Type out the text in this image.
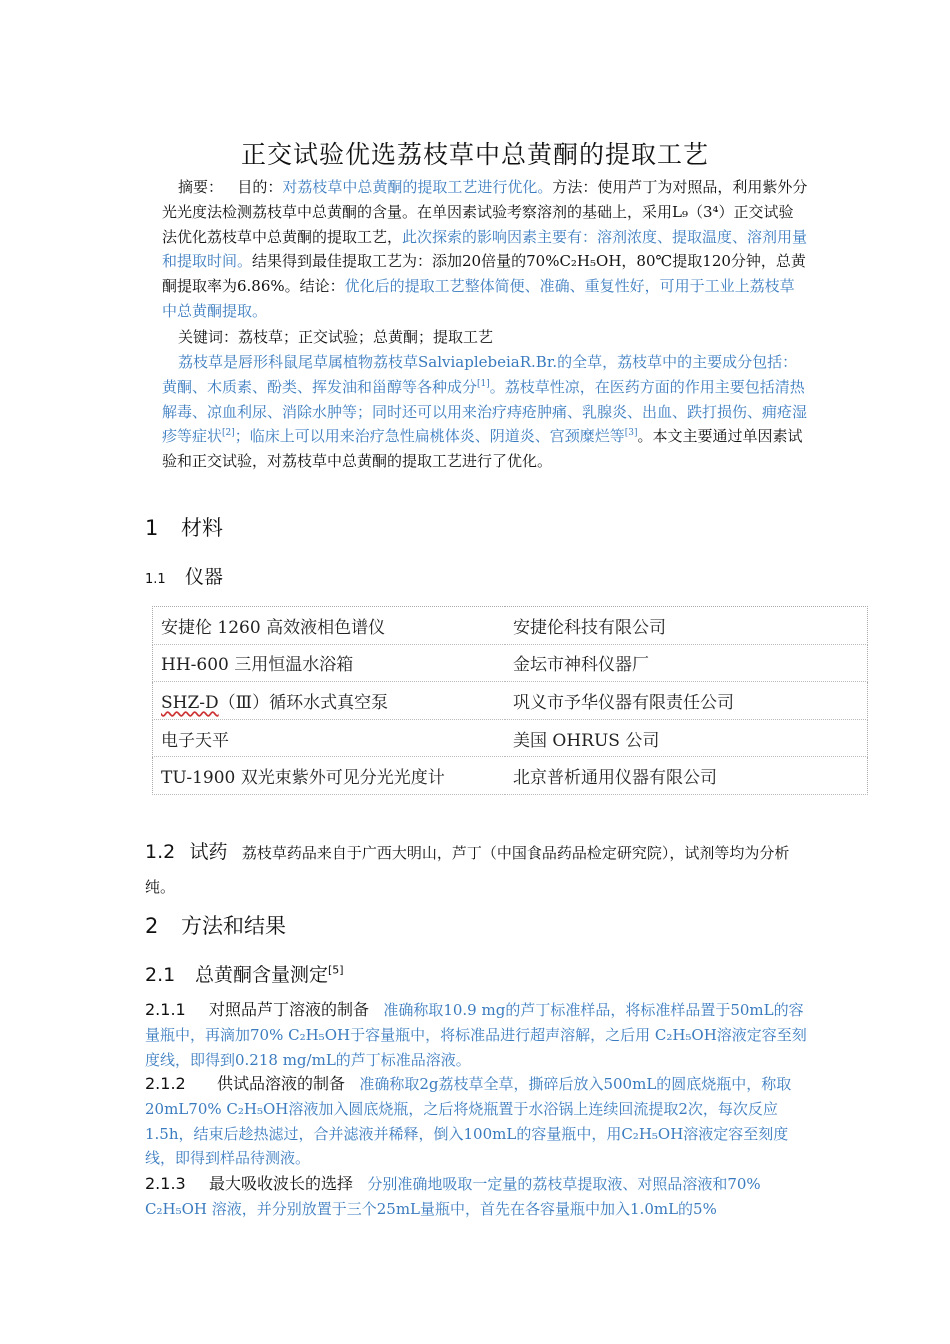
正交试验优选荔枝草中总黄酮的提取工艺
摘要： 目的：对荔枝草中总黄酮的提取工艺进行优化。方法：使用芦丁为对照品，利用紫外分光光度法检测荔枝草中总黄酮的含量。在单因素试验考察溶剂的基础上，采用L₉（3⁴）正交试验法优化荔枝草中总黄酮的提取工艺，此次探索的影响因素主要有：溶剂浓度、提取温度、溶剂用量和提取时间。结果得到最佳提取工艺为：添加20倍量的70%C₂H₅OH，80℃提取120分钟，总黄酮提取率为6.86%。结论：优化后的提取工艺整体简便、准确、重复性好，可用于工业上荔枝草中总黄酮提取。
关键词：荔枝草；正交试验；总黄酮；提取工艺
荔枝草是唇形科鼠尾草属植物荔枝草SalviaplebeiaR.Br.的全草，荔枝草中的主要成分包括：黄酮、木质素、酚类、挥发油和甾醇等各种成分[1]。荔枝草性凉，在医药方面的作用主要包括清热解毒、凉血利尿、消除水肿等；同时还可以用来治疗痔疮肿痛、乳腺炎、出血、跌打损伤、痈疮湿疹等症状[2]；临床上可以用来治疗急性扁桃体炎、阴道炎、宫颈糜烂等[3]。本文主要通过单因素试验和正交试验，对荔枝草中总黄酮的提取工艺进行了优化。
1 材料
1.1 仪器
安捷伦 1260 高效液相色谱仪	安捷伦科技有限公司
HH-600 三用恒温水浴箱	金坛市神科仪器厂
SHZ-D（Ⅲ）循环水式真空泵	巩义市予华仪器有限责任公司
电子天平	美国 OHRUS 公司
TU-1900 双光束紫外可见分光光度计	北京普析通用仪器有限公司
1.2 试药 荔枝草药品来自于广西大明山，芦丁（中国食品药品检定研究院），试剂等均为分析纯。
2 方法和结果
2.1 总黄酮含量测定[5]
2.1.1 对照品芦丁溶液的制备 准确称取10.9 mg的芦丁标准样品，将标准样品置于50mL的容量瓶中，再滴加70% C₂H₅OH于容量瓶中，将标准品进行超声溶解，之后用 C₂H₅OH溶液定容至刻度线，即得到0.218 mg/mL的芦丁标准品溶液。
2.1.2 供试品溶液的制备 准确称取2g荔枝草全草，撕碎后放入500mL的圆底烧瓶中，称取20mL70% C₂H₅OH溶液加入圆底烧瓶，之后将烧瓶置于水浴锅上连续回流提取2次，每次反应1.5h，结束后趁热滤过，合并滤液并稀释，倒入100mL的容量瓶中，用C₂H₅OH溶液定容至刻度线，即得到样品待测液。
2.1.3 最大吸收波长的选择 分别准确地吸取一定量的荔枝草提取液、对照品溶液和70% C₂H₅OH 溶液，并分别放置于三个25mL量瓶中，首先在各容量瓶中加入1.0mL的5%
